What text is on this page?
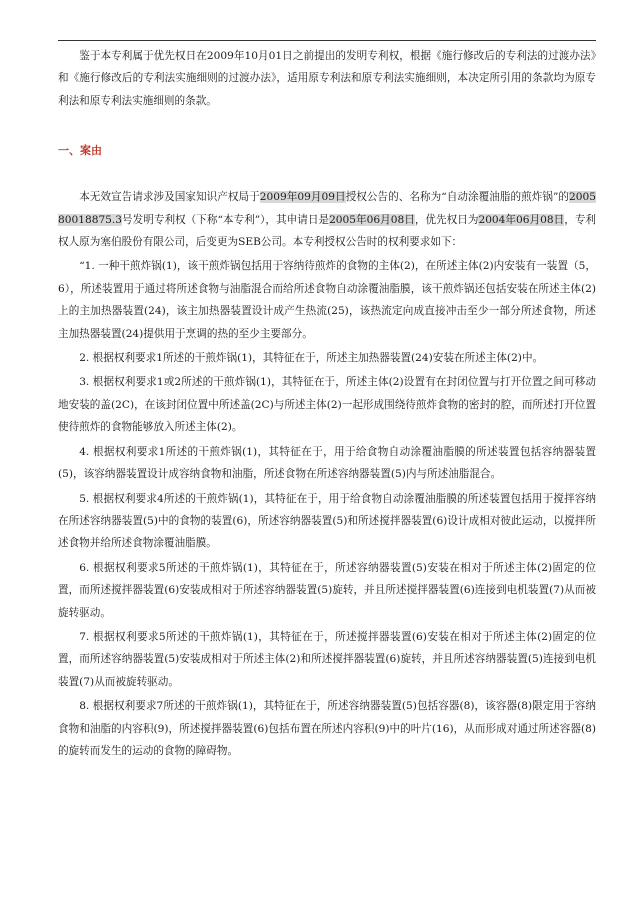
鉴于本专利属于优先权日在2009年10月01日之前提出的发明专利权，根据《施行修改后的专利法的过渡办法》和《施行修改后的专利法实施细则的过渡办法》，适用原专利法和原专利法实施细则，本决定所引用的条款均为原专利法和原专利法实施细则的条款。

一、案由

本无效宣告请求涉及国家知识产权局于2009年09月09日授权公告的、名称为“自动涂覆油脂的煎炸锅”的200580018875.3号发明专利权（下称“本专利”），其申请日是2005年06月08日，优先权日为2004年06月08日，专利权人原为塞伯股份有限公司，后变更为SEB公司。本专利授权公告时的权利要求如下：

“1. 一种干煎炸锅(1)，该干煎炸锅包括用于容纳待煎炸的食物的主体(2)，在所述主体(2)内安装有一装置（5，6），所述装置用于通过将所述食物与油脂混合而给所述食物自动涂覆油脂膜，该干煎炸锅还包括安装在所述主体(2)上的主加热器装置(24)，该主加热器装置设计成产生热流(25)，该热流定向成直接冲击至少一部分所述食物，所述主加热器装置(24)提供用于烹调的热的至少主要部分。

2. 根据权利要求1所述的干煎炸锅(1)，其特征在于，所述主加热器装置(24)安装在所述主体(2)中。

3. 根据权利要求1或2所述的干煎炸锅(1)，其特征在于，所述主体(2)设置有在封闭位置与打开位置之间可移动地安装的盖(2C)，在该封闭位置中所述盖(2C)与所述主体(2)一起形成围绕待煎炸食物的密封的腔，而所述打开位置使待煎炸的食物能够放入所述主体(2)。

4. 根据权利要求1所述的干煎炸锅(1)，其特征在于，用于给食物自动涂覆油脂膜的所述装置包括容纳器装置(5)，该容纳器装置设计成容纳食物和油脂，所述食物在所述容纳器装置(5)内与所述油脂混合。

5. 根据权利要求4所述的干煎炸锅(1)，其特征在于，用于给食物自动涂覆油脂膜的所述装置包括用于搅拌容纳在所述容纳器装置(5)中的食物的装置(6)，所述容纳器装置(5)和所述搅拌器装置(6)设计成相对彼此运动，以搅拌所述食物并给所述食物涂覆油脂膜。

6. 根据权利要求5所述的干煎炸锅(1)，其特征在于，所述容纳器装置(5)安装在相对于所述主体(2)固定的位置，而所述搅拌器装置(6)安装成相对于所述容纳器装置(5)旋转，并且所述搅拌器装置(6)连接到电机装置(7)从而被旋转驱动。

7. 根据权利要求5所述的干煎炸锅(1)，其特征在于，所述搅拌器装置(6)安装在相对于所述主体(2)固定的位置，而所述容纳器装置(5)安装成相对于所述主体(2)和所述搅拌器装置(6)旋转，并且所述容纳器装置(5)连接到电机装置(7)从而被旋转驱动。

8. 根据权利要求7所述的干煎炸锅(1)，其特征在于，所述容纳器装置(5)包括容器(8)，该容器(8)限定用于容纳食物和油脂的内容积(9)，所述搅拌器装置(6)包括布置在所述内容积(9)中的叶片(16)，从而形成对通过所述容器(8)的旋转而发生的运动的食物的障碍物。
